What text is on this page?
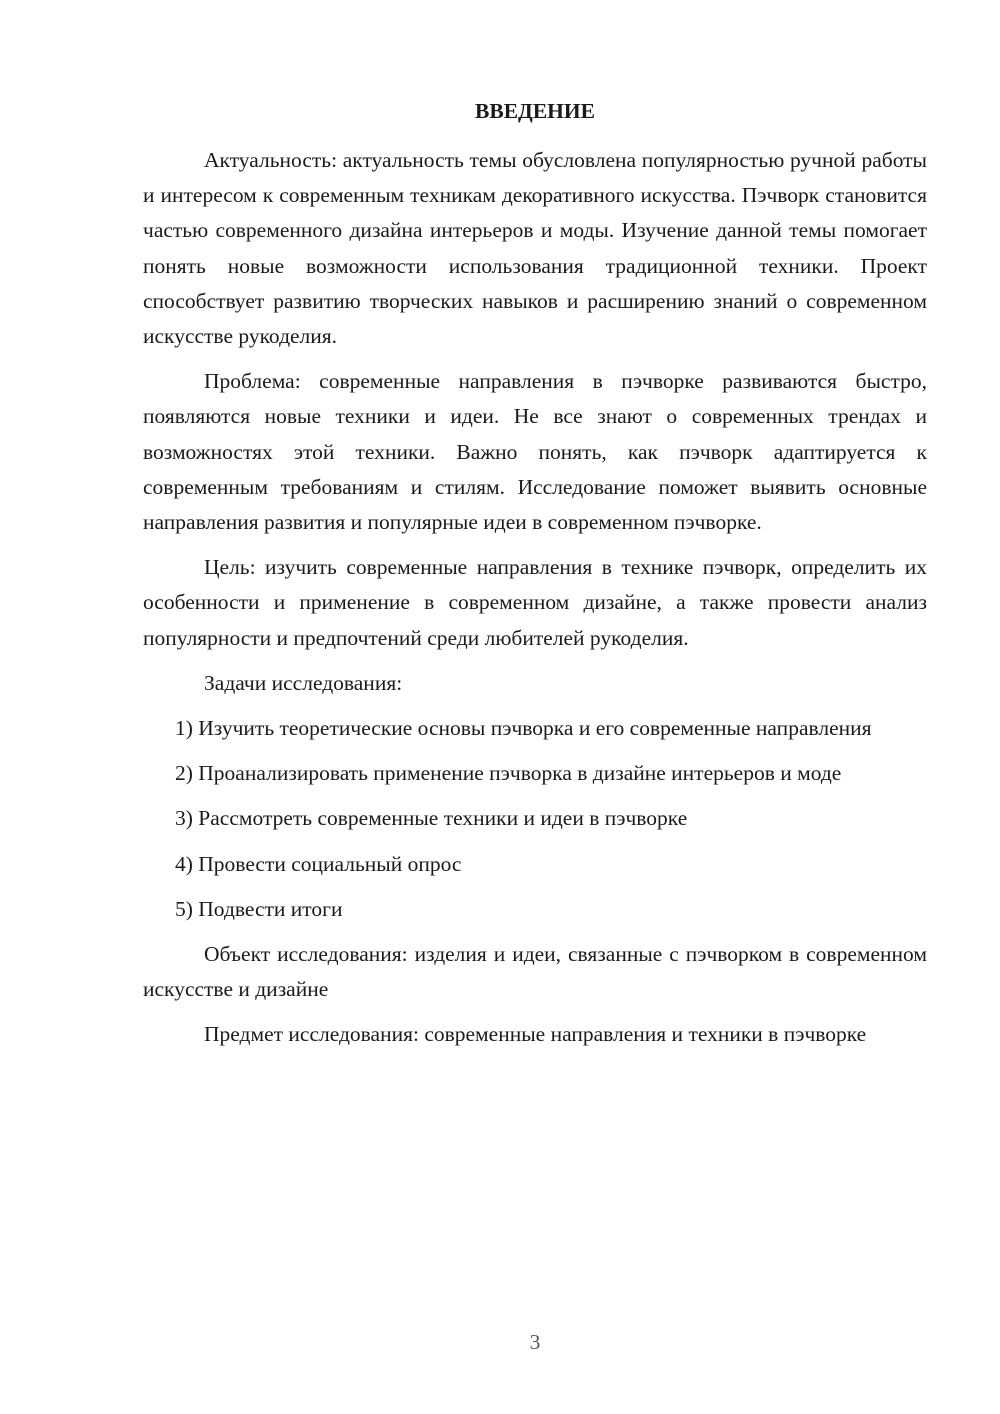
ВВЕДЕНИЕ

Актуальность: актуальность темы обусловлена популярностью ручной работы и интересом к современным техникам декоративного искусства. Пэчворк становится частью современного дизайна интерьеров и моды. Изучение данной темы помогает понять новые возможности использования традиционной техники. Проект способствует развитию творческих навыков и расширению знаний о современном искусстве рукоделия.

Проблема: современные направления в пэчворке развиваются быстро, появляются новые техники и идеи. Не все знают о современных трендах и возможностях этой техники. Важно понять, как пэчворк адаптируется к современным требованиям и стилям. Исследование поможет выявить основные направления развития и популярные идеи в современном пэчворке.

Цель: изучить современные направления в технике пэчворк, определить их особенности и применение в современном дизайне, а также провести анализ популярности и предпочтений среди любителей рукоделия.

Задачи исследования:

1) Изучить теоретические основы пэчворка и его современные направления

2) Проанализировать применение пэчворка в дизайне интерьеров и моде

3) Рассмотреть современные техники и идеи в пэчворке

4) Провести социальный опрос

5) Подвести итоги

Объект исследования: изделия и идеи, связанные с пэчворком в современном искусстве и дизайне

Предмет исследования: современные направления и техники в пэчворке

3
